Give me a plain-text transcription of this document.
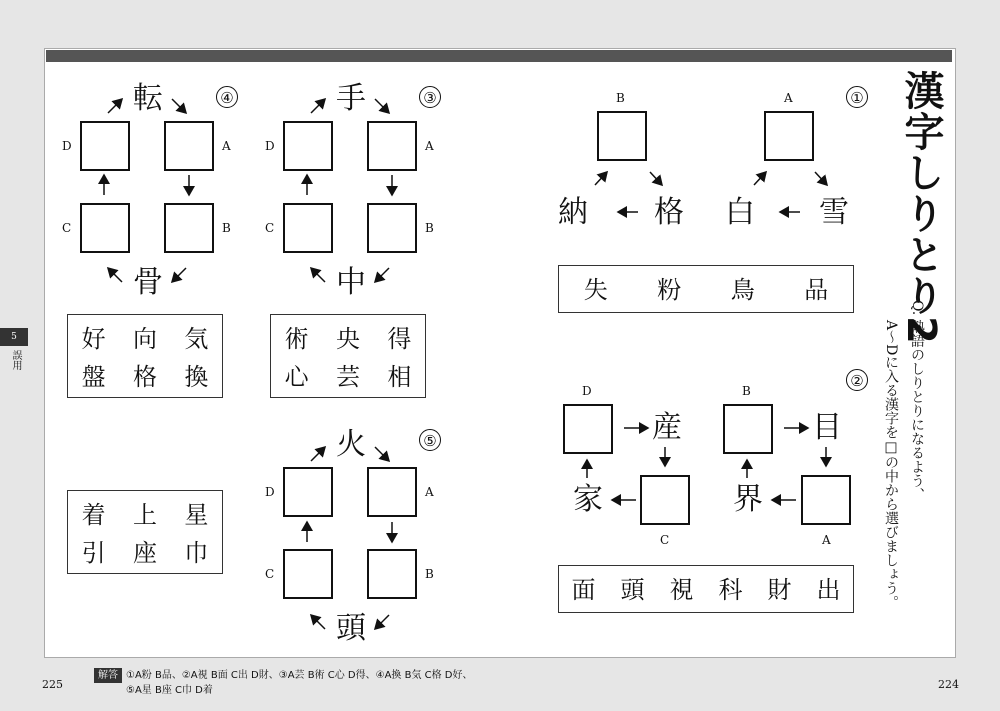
5
誤用
漢字しりとり2
Q. 熟語のしりとりになるよう、
A〜Dに入る漢字を□の中から選びましょう。
④
転
骨
D	A
C	B
好 向 気
盤 格 換
③
手
中
D	A
C	B
術 央 得
心 芸 相
⑤
火
頭
D	A
C	B
着 上 星
引 座 巾
①
B	A
納 格 白 雪
失 粉 鳥 品
②
D	B
産	目
家	界
C	A
面 頭 視 科 財 出
225	224
解答 ①A粉 B品、②A視 B面 C出 D財、③A芸 B術 C心 D得、④A換 B気 C格 D好、
⑤A星 B座 C巾 D着
